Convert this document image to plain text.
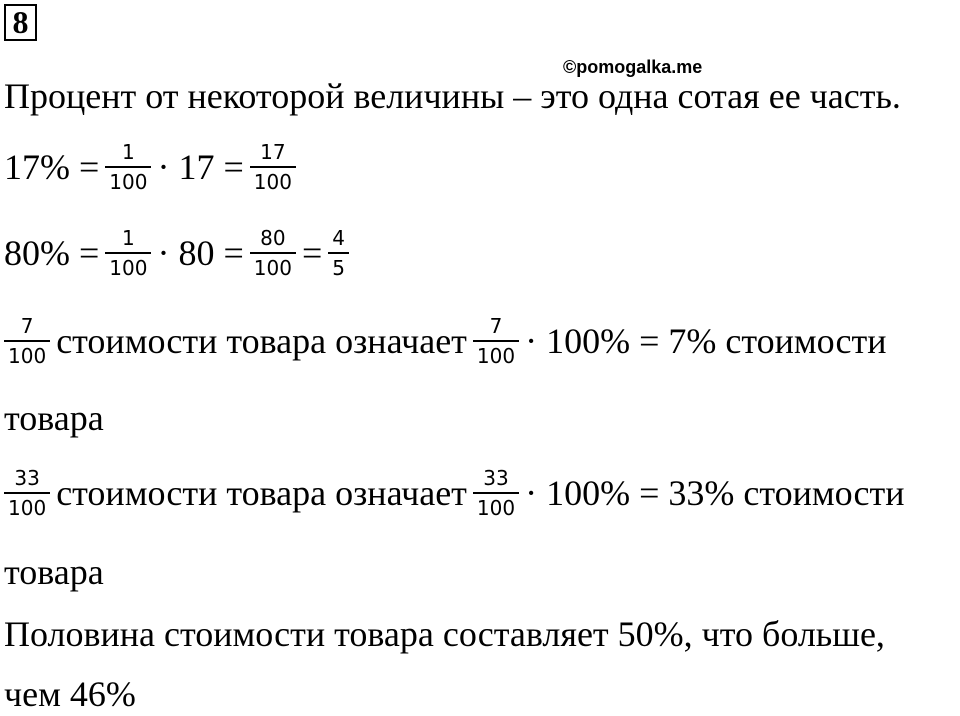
8
©pomogalka.me
Процент от некоторой величины – это одна сотая ее часть.
$17\% = \frac{1}{100} \cdot 17 = \frac{17}{100}$
$80\% = \frac{1}{100} \cdot 80 = \frac{80}{100} = \frac{4}{5}$
$\frac{7}{100}$ стоимости товара означает $\frac{7}{100} \cdot 100\% = 7\%$ стоимости
товара
$\frac{33}{100}$ стоимости товара означает $\frac{33}{100} \cdot 100\% = 33\%$ стоимости
товара
Половина стоимости товара составляет 50%, что больше,
чем 46%
